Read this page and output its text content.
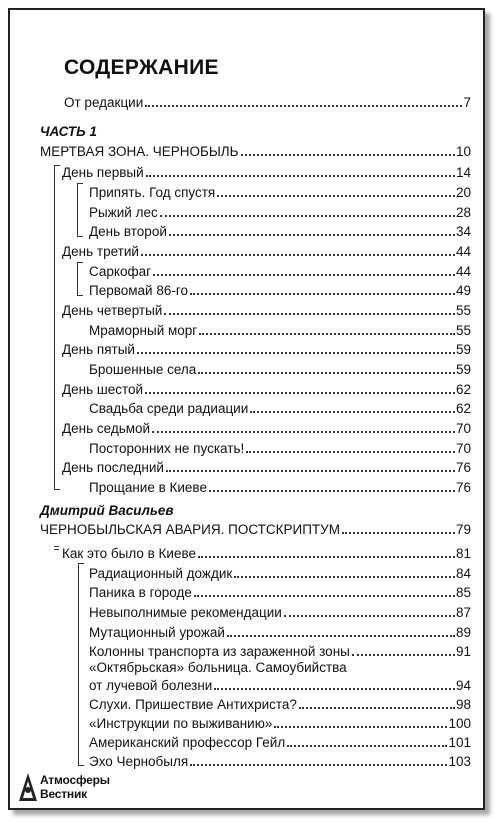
СОДЕРЖАНИЕ
От редакции	7
ЧАСТЬ 1
МЕРТВАЯ ЗОНА. ЧЕРНОБЫЛЬ	10
День первый	14
Припять. Год спустя	20
Рыжий лес	28
День второй	34
День третий	44
Саркофаг	44
Первомай 86-го	49
День четвертый	55
Мраморный морг	55
День пятый	59
Брошенные села	59
День шестой	62
Свадьба среди радиации	62
День седьмой	70
Посторонних не пускать!	70
День последний	76
Прощание в Киеве	76
Дмитрий Васильев
ЧЕРНОБЫЛЬСКАЯ АВАРИЯ. ПОСТСКРИПТУМ	79
Как это было в Киеве	81
Радиационный дождик	84
Паника в городе	85
Невыполнимые рекомендации	87
Мутационный урожай	89
Колонны транспорта из зараженной зоны	91
«Октябрьская» больница. Самоубийства
от лучевой болезни	94
Слухи. Пришествие Антихриста?	98
«Инструкции по выживанию»	100
Американский профессор Гейл	101
Эхо Чернобыля	103
Атмосферы
Вестник
